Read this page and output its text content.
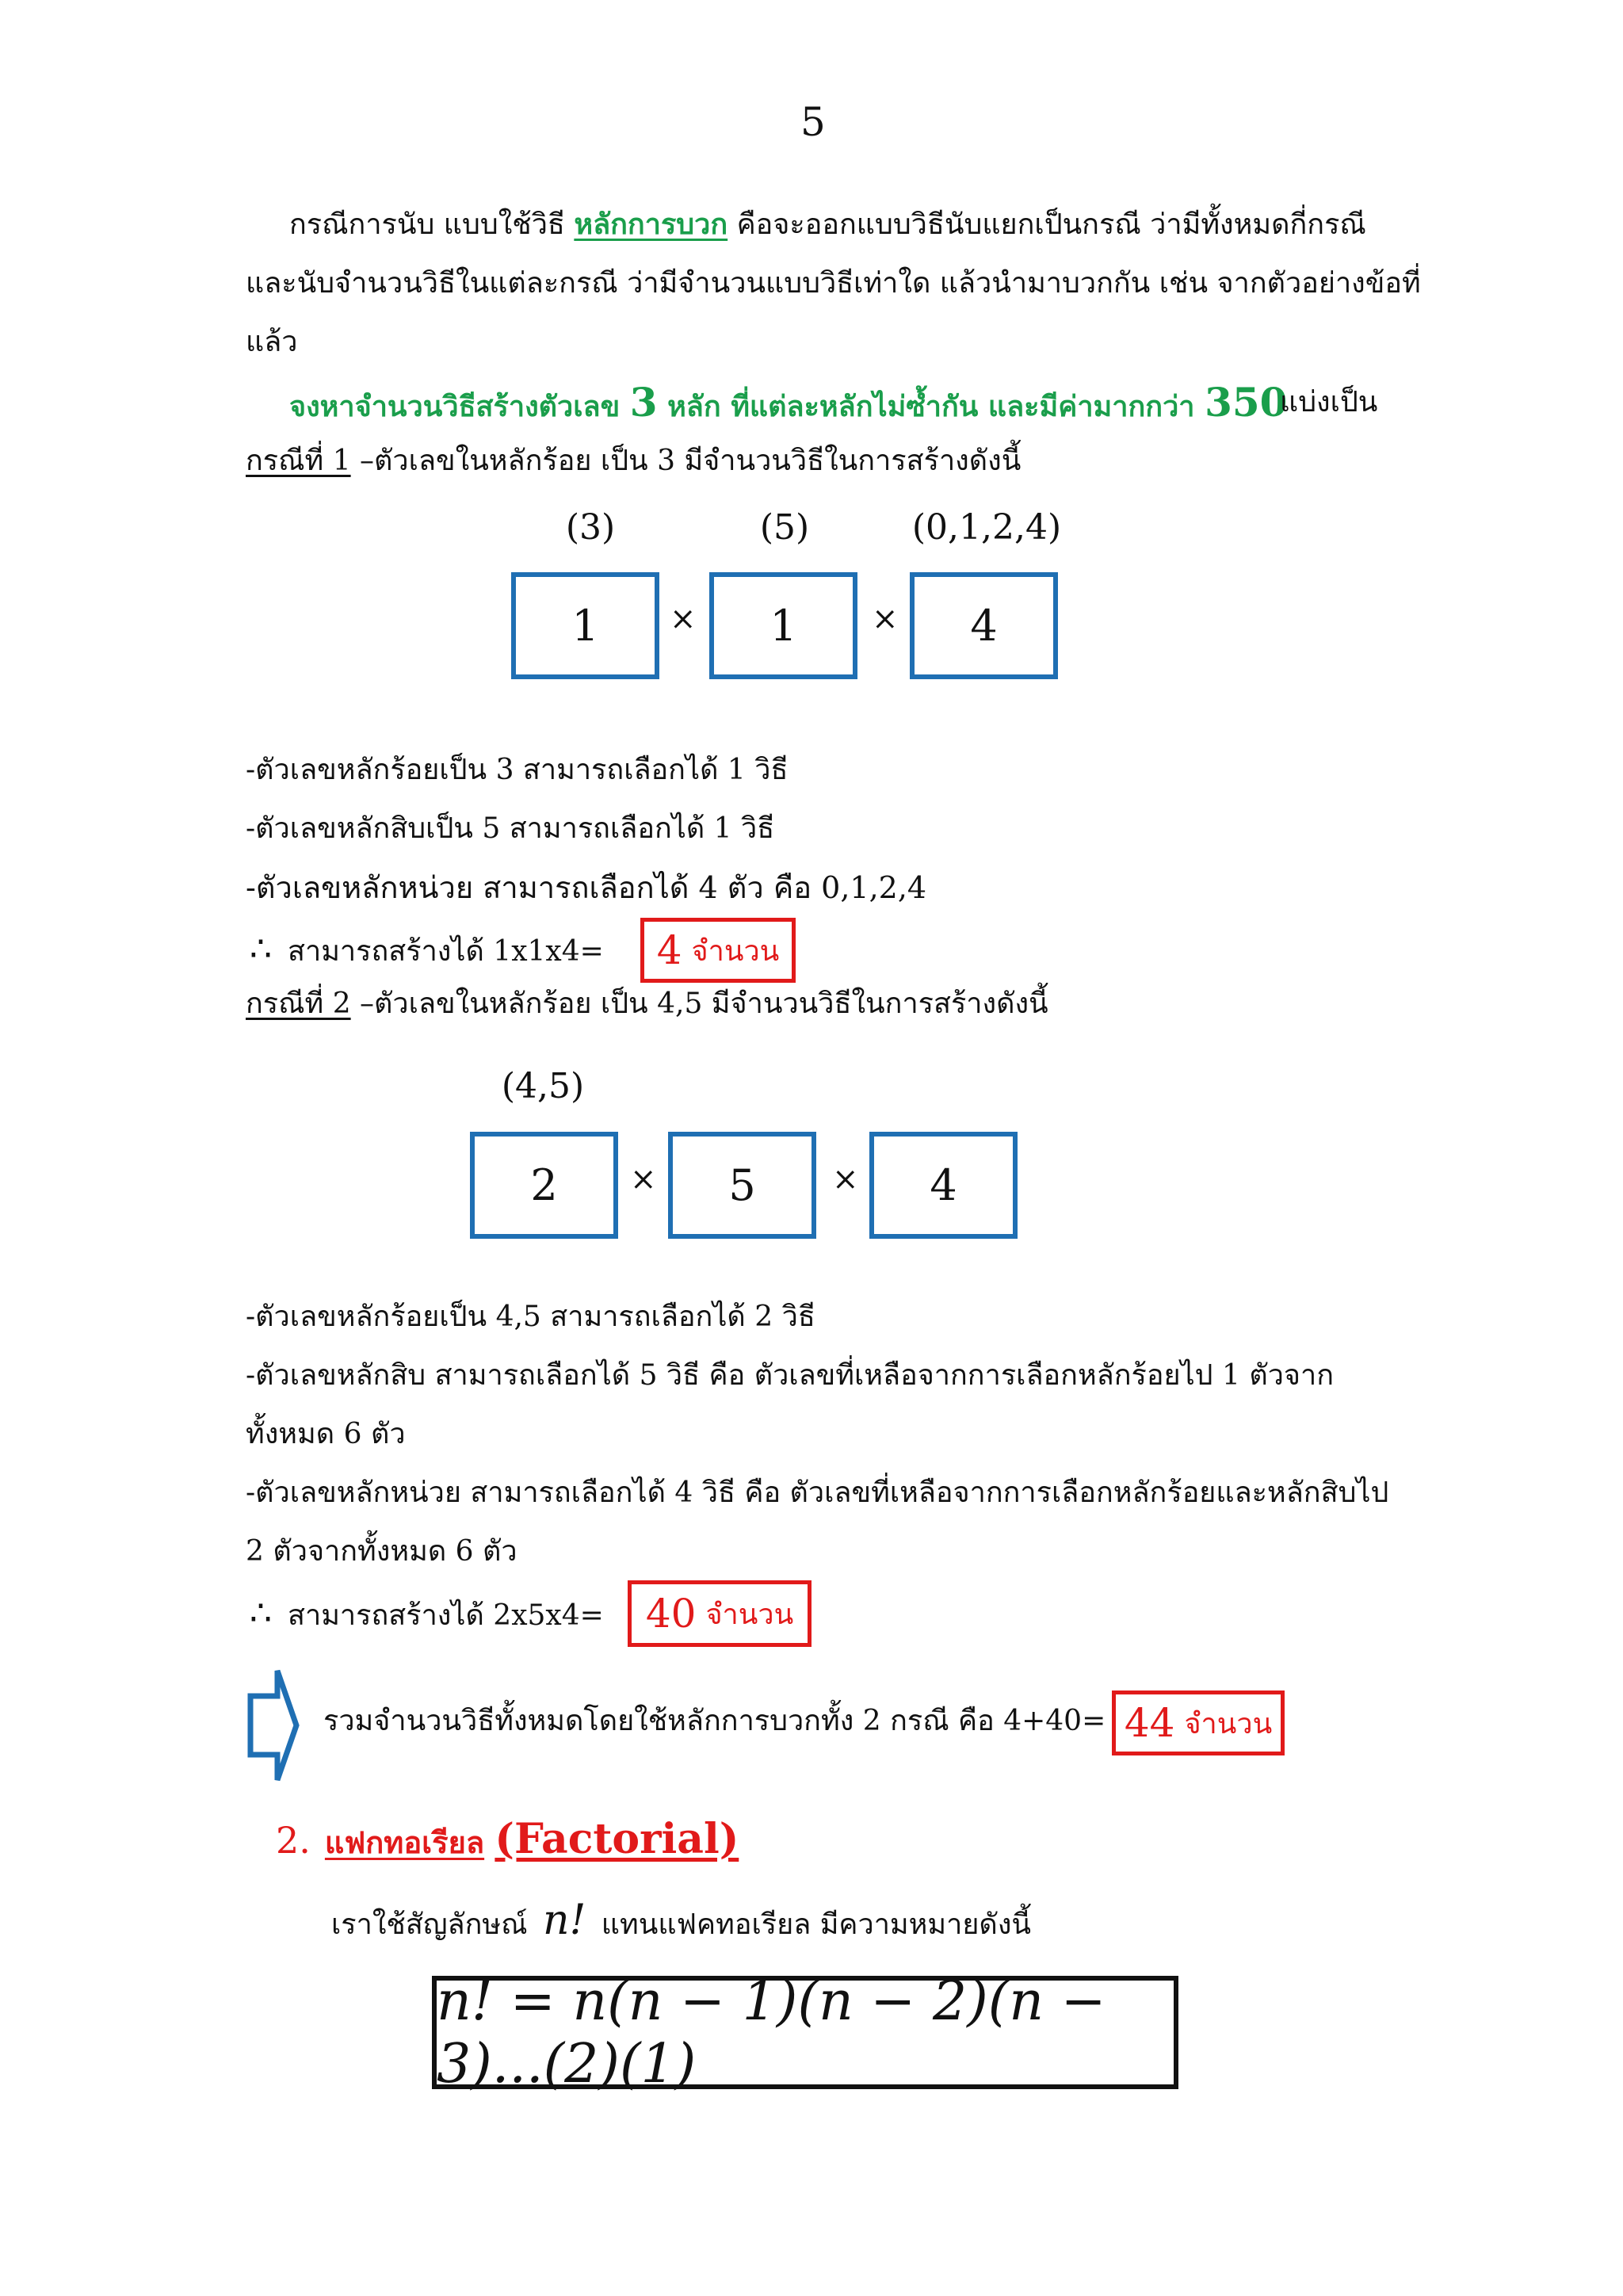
5
กรณีการนับ แบบใช้วิธี หลักการบวก คือจะออกแบบวิธีนับแยกเป็นกรณี ว่ามีทั้งหมดกี่กรณี
และนับจำนวนวิธีในแต่ละกรณี ว่ามีจำนวนแบบวิธีเท่าใด แล้วนำมาบวกกัน เช่น จากตัวอย่างข้อที่
แล้ว
จงหาจำนวนวิธีสร้างตัวเลข 3 หลัก ที่แต่ละหลักไม่ซ้ำกัน และมีค่ามากกว่า 350
แบ่งเป็น
กรณีที่ 1 –ตัวเลขในหลักร้อย เป็น 3 มีจำนวนวิธีในการสร้างดังนี้
(3)	(5)	(0,1,2,4)
1	×	1	×	4
-ตัวเลขหลักร้อยเป็น 3 สามารถเลือกได้ 1 วิธี
-ตัวเลขหลักสิบเป็น 5 สามารถเลือกได้ 1 วิธี
-ตัวเลขหลักหน่วย สามารถเลือกได้ 4 ตัว คือ 0,1,2,4
∴ สามารถสร้างได้ 1x1x4= 4 จำนวน
กรณีที่ 2 –ตัวเลขในหลักร้อย เป็น 4,5 มีจำนวนวิธีในการสร้างดังนี้
(4,5)
2	×	5	×	4
-ตัวเลขหลักร้อยเป็น 4,5 สามารถเลือกได้ 2 วิธี
-ตัวเลขหลักสิบ สามารถเลือกได้ 5 วิธี คือ ตัวเลขที่เหลือจากการเลือกหลักร้อยไป 1 ตัวจาก
ทั้งหมด 6 ตัว
-ตัวเลขหลักหน่วย สามารถเลือกได้ 4 วิธี คือ ตัวเลขที่เหลือจากการเลือกหลักร้อยและหลักสิบไป
2 ตัวจากทั้งหมด 6 ตัว
∴ สามารถสร้างได้ 2x5x4= 40 จำนวน
รวมจำนวนวิธีทั้งหมดโดยใช้หลักการบวกทั้ง 2 กรณี คือ 4+40= 44 จำนวน
2. แฟกทอเรียล (Factorial)
เราใช้สัญลักษณ์ n! แทนแฟคทอเรียล มีความหมายดังนี้
n! = n(n − 1)(n − 2)(n − 3)...(2)(1)
